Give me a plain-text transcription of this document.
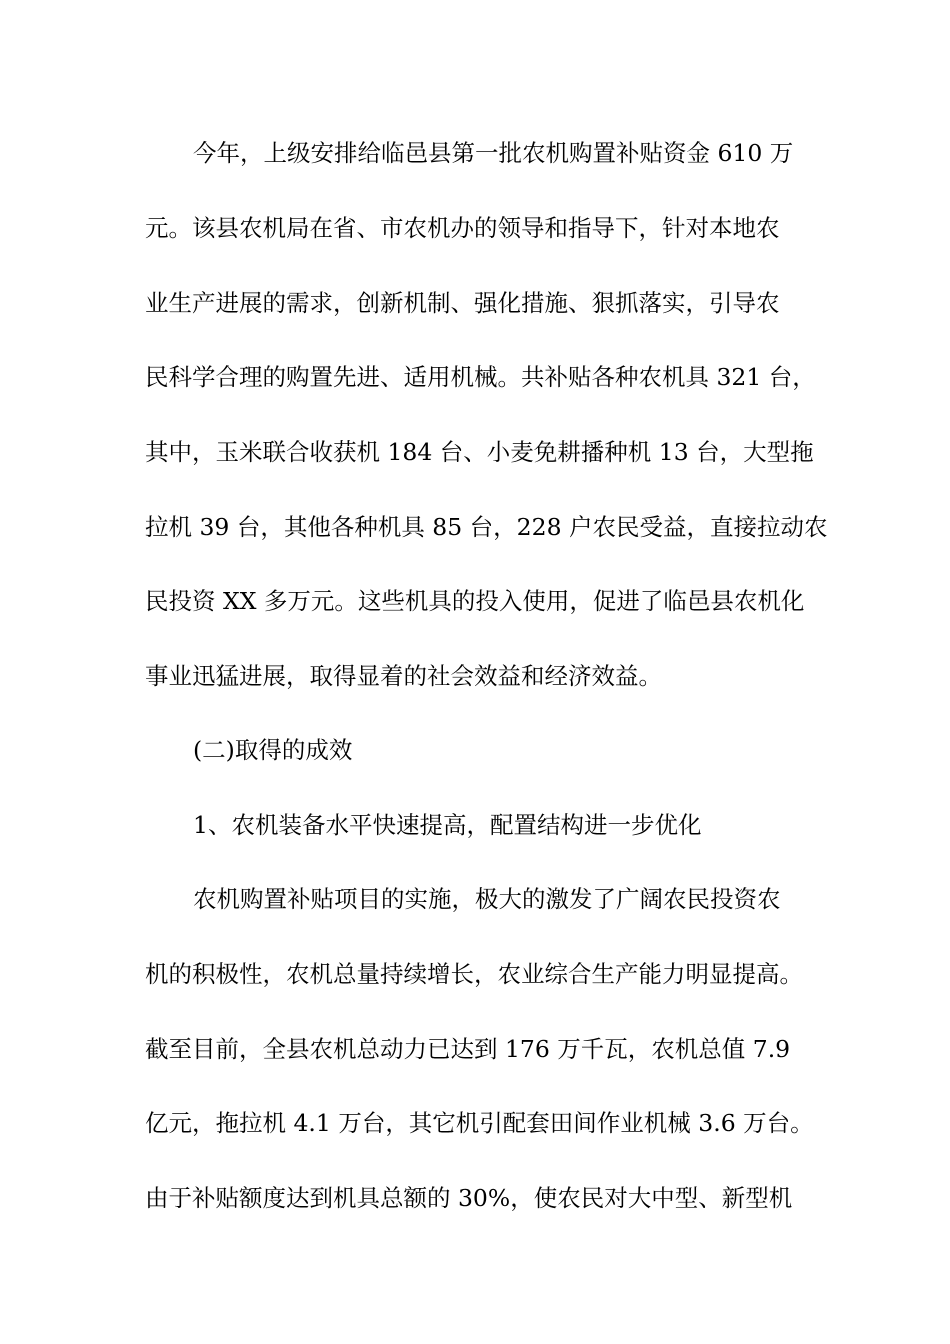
今年，上级安排给临邑县第一批农机购置补贴资金 610 万
元。该县农机局在省、市农机办的领导和指导下，针对本地农
业生产进展的需求，创新机制、强化措施、狠抓落实，引导农
民科学合理的购置先进、适用机械。共补贴各种农机具 321 台，
其中，玉米联合收获机 184 台、小麦免耕播种机 13 台，大型拖
拉机 39 台，其他各种机具 85 台，228 户农民受益，直接拉动农
民投资 XX 多万元。这些机具的投入使用，促进了临邑县农机化
事业迅猛进展，取得显着的社会效益和经济效益。
(二)取得的成效
1、农机装备水平快速提高，配置结构进一步优化
农机购置补贴项目的实施，极大的激发了广阔农民投资农
机的积极性，农机总量持续增长，农业综合生产能力明显提高。
截至目前，全县农机总动力已达到 176 万千瓦，农机总值 7.9
亿元，拖拉机 4.1 万台，其它机引配套田间作业机械 3.6 万台。
由于补贴额度达到机具总额的 30%，使农民对大中型、新型机
